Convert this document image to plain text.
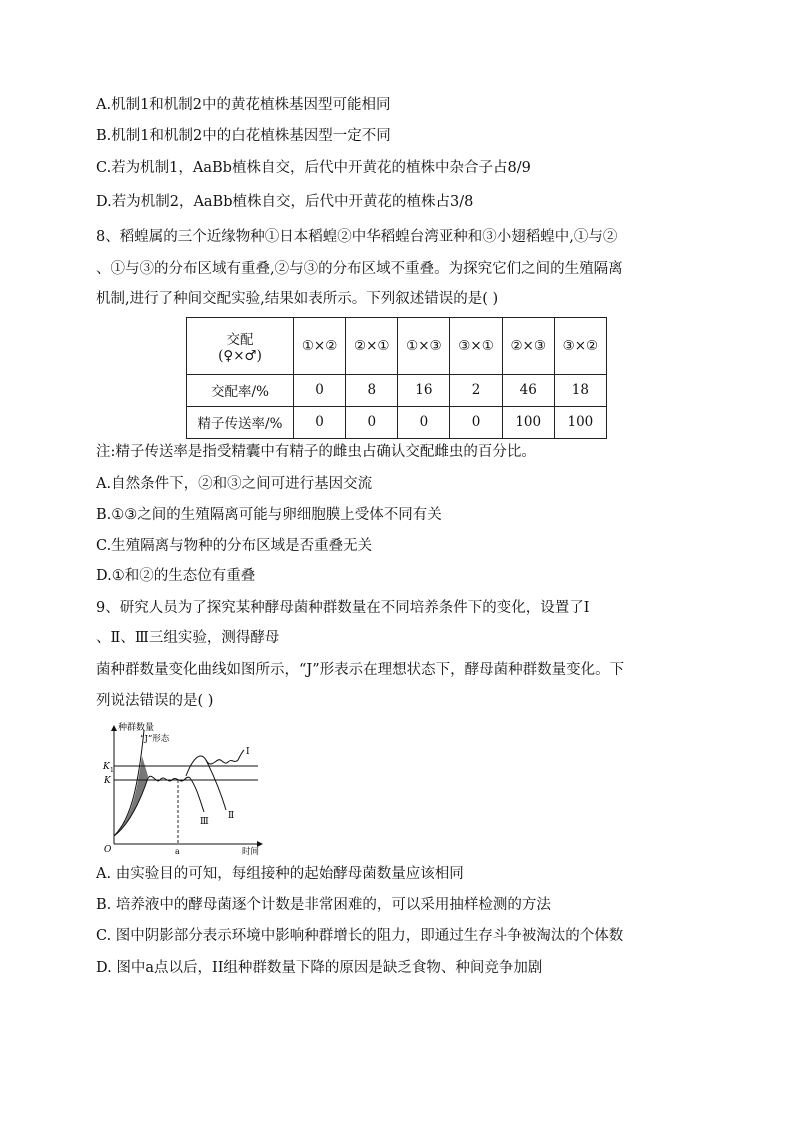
A.机制1和机制2中的黄花植株基因型可能相同
B.机制1和机制2中的白花植株基因型一定不同
C.若为机制1，AaBb植株自交，后代中开黄花的植株中杂合子占8/9
D.若为机制2，AaBb植株自交，后代中开黄花的植株占3/8
8、稻蝗属的三个近缘物种①日本稻蝗②中华稻蝗台湾亚种和③小翅稻蝗中,①与②
、①与③的分布区域有重叠,②与③的分布区域不重叠。为探究它们之间的生殖隔离
机制,进行了种间交配实验,结果如表所示。下列叙述错误的是( )
交配
(♀×♂)	①×②	②×①	①×③	③×①	②×③	③×②
交配率/%	0	8	16	2	46	18
精子传送率/%	0	0	0	0	100	100
注:精子传送率是指受精囊中有精子的雌虫占确认交配雌虫的百分比。
A.自然条件下，②和③之间可进行基因交流
B.①③之间的生殖隔离可能与卵细胞膜上受体不同有关
C.生殖隔离与物种的分布区域是否重叠无关
D.①和②的生态位有重叠
9、研究人员为了探究某种酵母菌种群数量在不同培养条件下的变化，设置了Ⅰ
、Ⅱ、Ⅲ三组实验，测得酵母
菌种群数量变化曲线如图所示，“J”形表示在理想状态下，酵母菌种群数量变化。下
列说法错误的是( )
种群数量
“J”形态
K 1
K
Ⅰ
Ⅲ
Ⅱ
O	a	时间
A. 由实验目的可知，每组接种的起始酵母菌数量应该相同
B. 培养液中的酵母菌逐个计数是非常困难的，可以采用抽样检测的方法
C. 图中阴影部分表示环境中影响种群增长的阻力，即通过生存斗争被淘汰的个体数
D. 图中a点以后，II组种群数量下降的原因是缺乏食物、种间竞争加剧
